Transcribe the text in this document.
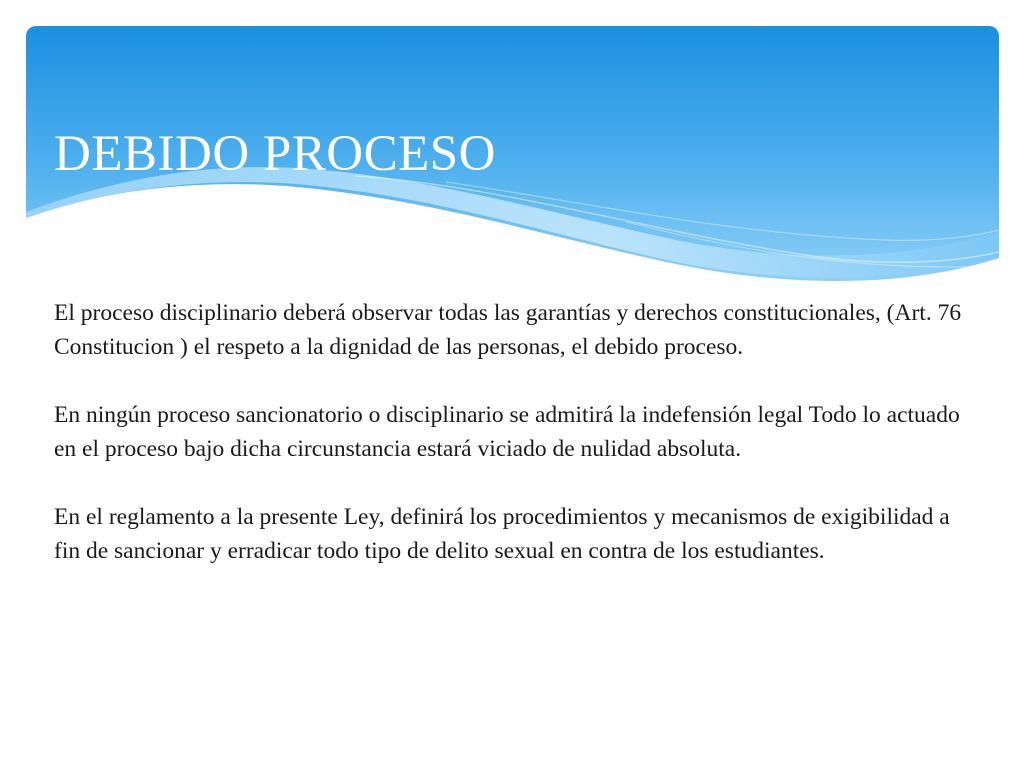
DEBIDO PROCESO

El proceso disciplinario deberá observar todas las garantías y derechos constitucionales, (Art. 76 Constitucion ) el respeto a la dignidad de las personas, el debido proceso.

En ningún proceso sancionatorio o disciplinario se admitirá la indefensión legal Todo lo actuado en el proceso bajo dicha circunstancia estará viciado de nulidad absoluta.

En el reglamento a la presente Ley, definirá los procedimientos y mecanismos de exigibilidad a fin de sancionar y erradicar todo tipo de delito sexual en contra de los estudiantes.
